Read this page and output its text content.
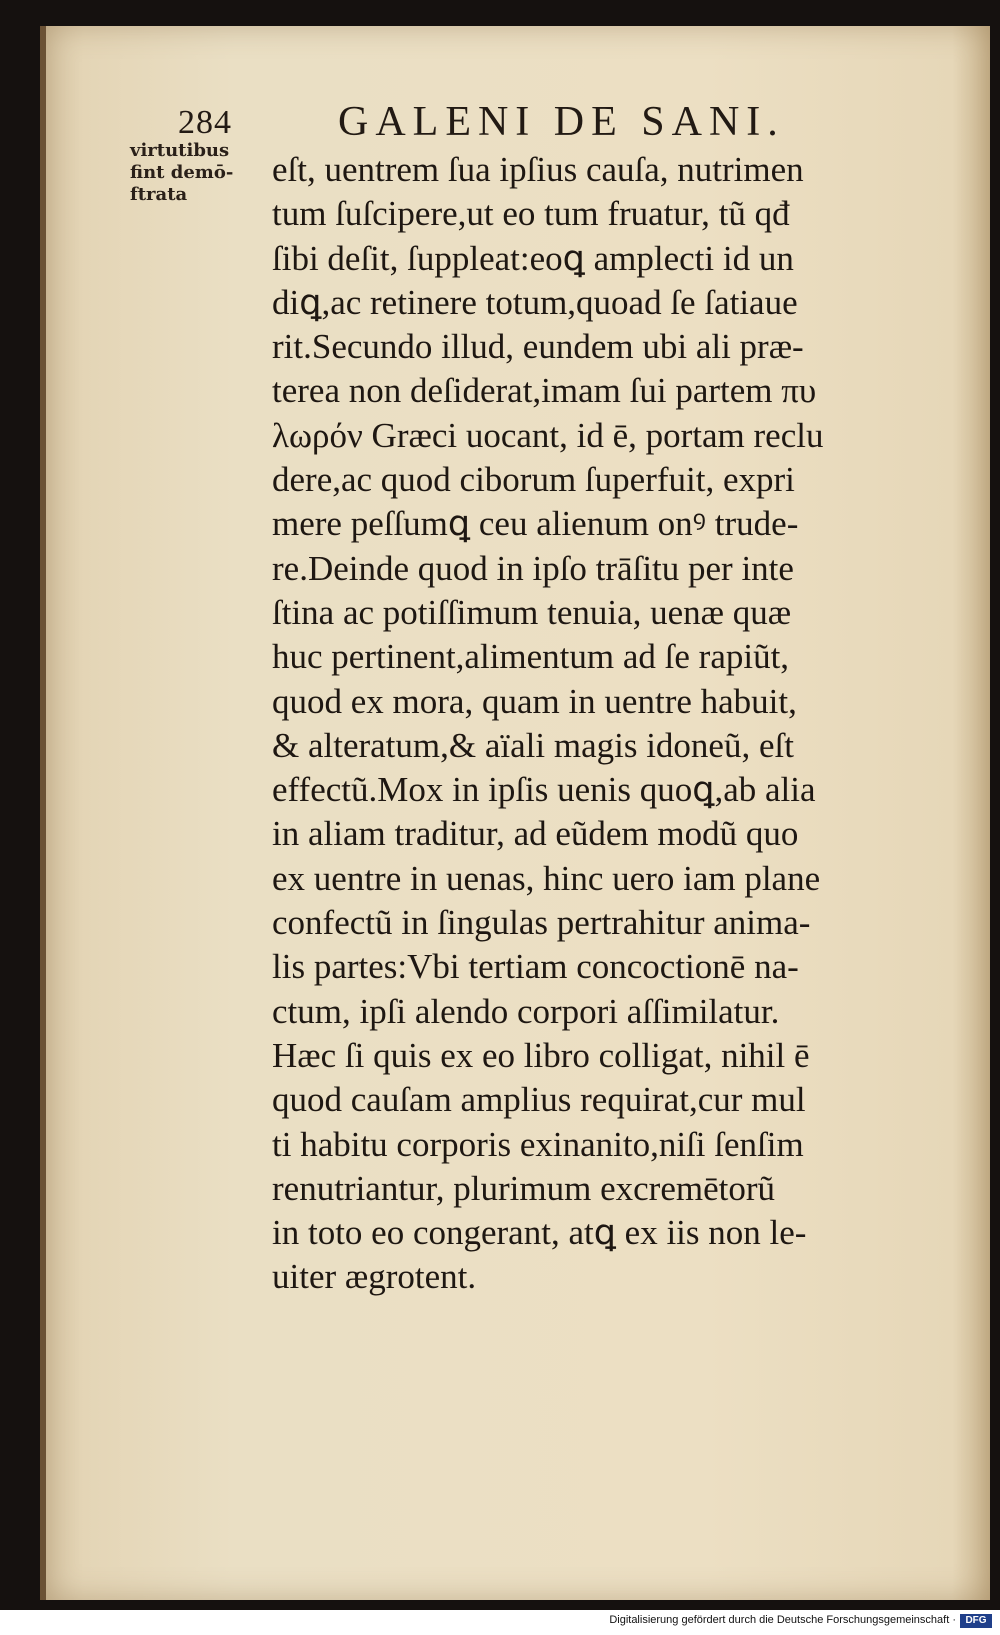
284	GALENI DE SANI.
virtutibus
fint demō-
ftrata
eſt, uentrem ſua ipſius cauſa, nutrimen
tum ſuſcipere,ut eo tum fruatur, tũ qđ
ſibi deſit, ſuppleat:eoꝗ amplecti id un
diꝗ,ac retinere totum,quoad ſe ſatiaue
rit.Secundo illud, eundem ubi ali præ-
terea non deſiderat,imam ſui partem πυ
λωρόν Græci uocant, id ē, portam reclu
dere,ac quod ciborum ſuperfuit, expri
mere peſſumꝗ ceu alienum onꝰ trude-
re.Deinde quod in ipſo trāſitu per inte
ſtina ac potiſſimum tenuia, uenæ quæ
huc pertinent,alimentum ad ſe rapiũt,
quod ex mora, quam in uentre habuit,
& alteratum,& aïali magis idoneũ, eſt
effectũ.Mox in ipſis uenis quoꝗ,ab alia
in aliam traditur, ad eũdem modũ quo
ex uentre in uenas, hinc uero iam plane
confectũ in ſingulas pertrahitur anima-
lis partes:Vbi tertiam concoctionē na-
ctum, ipſi alendo corpori aſſimilatur.
Hæc ſi quis ex eo libro colligat, nihil ē
quod cauſam amplius requirat,cur mul
ti habitu corporis exinanito,niſi ſenſim
renutriantur, plurimum excremētorũ
in toto eo congerant, atꝗ ex iis non le-
uiter ægrotent.
Digitalisierung gefördert durch die Deutsche Forschungsgemeinschaft · DFG
